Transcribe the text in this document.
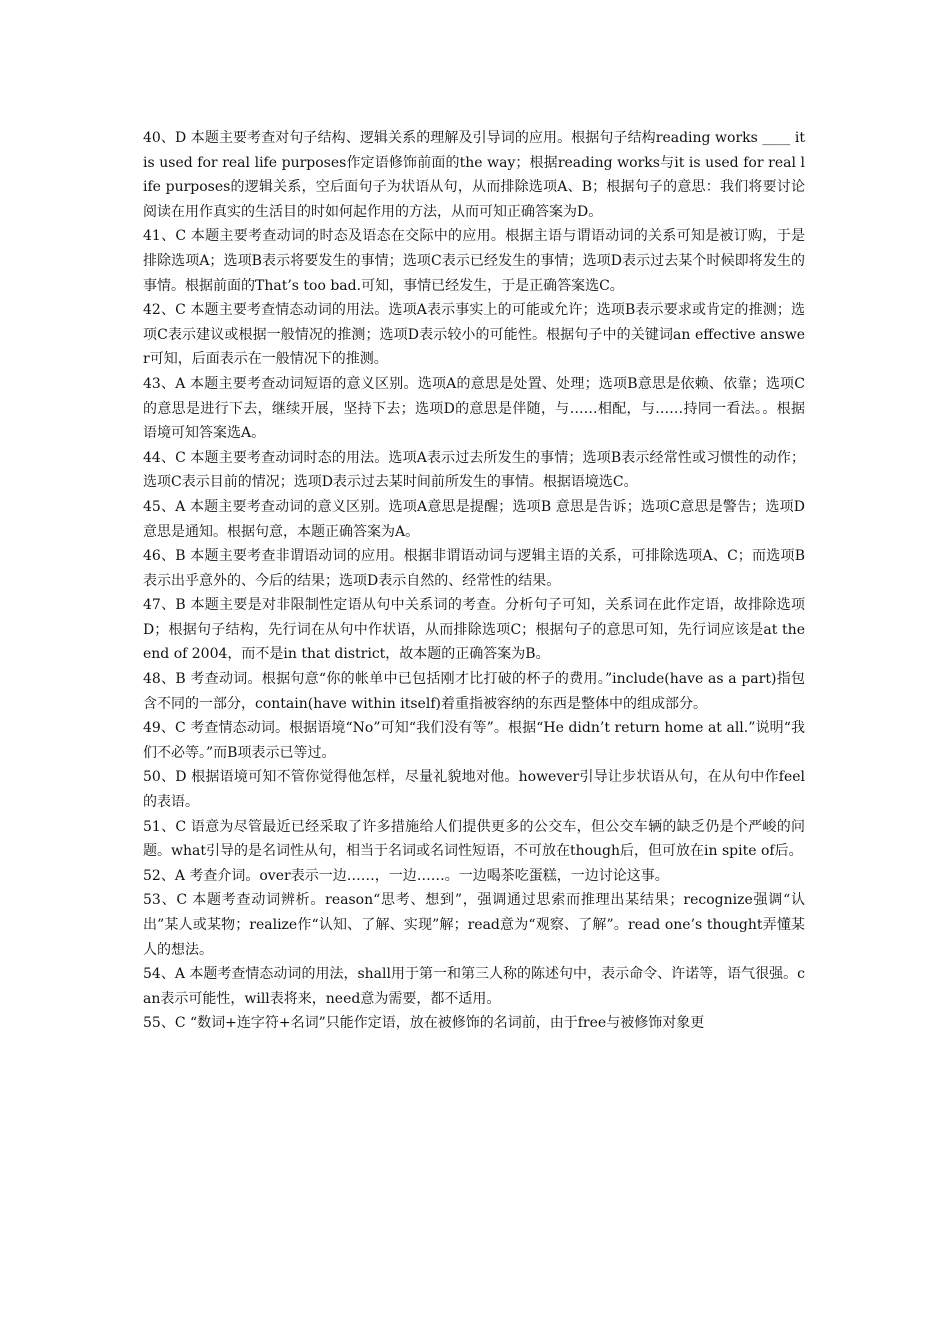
40、D 本题主要考查对句子结构、逻辑关系的理解及引导词的应用。根据句子结构reading works ____ it is used for real life purposes作定语修饰前面的the way；根据reading works与it is used for real life purposes的逻辑关系，空后面句子为状语从句，从而排除选项A、B；根据句子的意思：我们将要讨论阅读在用作真实的生活目的时如何起作用的方法，从而可知正确答案为D。

41、C 本题主要考查动词的时态及语态在交际中的应用。根据主语与谓语动词的关系可知是被订购，于是排除选项A；选项B表示将要发生的事情；选项C表示已经发生的事情；选项D表示过去某个时候即将发生的事情。根据前面的That’s too bad.可知，事情已经发生，于是正确答案选C。

42、C 本题主要考查情态动词的用法。选项A表示事实上的可能或允许；选项B表示要求或肯定的推测；选项C表示建议或根据一般情况的推测；选项D表示较小的可能性。根据句子中的关键词an effective answer可知，后面表示在一般情况下的推测。

43、A 本题主要考查动词短语的意义区别。选项A的意思是处置、处理；选项B意思是依赖、依靠；选项C的意思是进行下去，继续开展，坚持下去；选项D的意思是伴随，与……相配，与……持同一看法。。根据语境可知答案选A。

44、C 本题主要考查动词时态的用法。选项A表示过去所发生的事情；选项B表示经常性或习惯性的动作；选项C表示目前的情况；选项D表示过去某时间前所发生的事情。根据语境选C。

45、A 本题主要考查动词的意义区别。选项A意思是提醒；选项B 意思是告诉；选项C意思是警告；选项D意思是通知。根据句意，本题正确答案为A。

46、B 本题主要考查非谓语动词的应用。根据非谓语动词与逻辑主语的关系，可排除选项A、C；而选项B表示出乎意外的、今后的结果；选项D表示自然的、经常性的结果。

47、B 本题主要是对非限制性定语从句中关系词的考查。分析句子可知，关系词在此作定语，故排除选项D；根据句子结构，先行词在从句中作状语，从而排除选项C；根据句子的意思可知，先行词应该是at the end of 2004，而不是in that district，故本题的正确答案为B。

48、B 考查动词。根据句意“你的帐单中已包括刚才比打破的杯子的费用。”include(have as a part)指包含不同的一部分，contain(have within itself)着重指被容纳的东西是整体中的组成部分。

49、C 考查情态动词。根据语境“No”可知“我们没有等”。根据“He didn’t return home at all.”说明“我们不必等。”而B项表示已等过。

50、D 根据语境可知不管你觉得他怎样，尽量礼貌地对他。however引导让步状语从句，在从句中作feel的表语。

51、C 语意为尽管最近已经采取了许多措施给人们提供更多的公交车，但公交车辆的缺乏仍是个严峻的问题。what引导的是名词性从句，相当于名词或名词性短语，不可放在though后，但可放在in spite of后。

52、A 考查介词。over表示一边……，一边……。一边喝茶吃蛋糕，一边讨论这事。

53、C 本题考查动词辨析。reason“思考、想到”，强调通过思索而推理出某结果；recognize强调“认出”某人或某物；realize作“认知、了解、实现”解；read意为“观察、了解”。read one’s thought弄懂某人的想法。

54、A 本题考查情态动词的用法，shall用于第一和第三人称的陈述句中，表示命令、许诺等，语气很强。can表示可能性，will表将来，need意为需要，都不适用。

55、C “数词+连字符+名词”只能作定语，放在被修饰的名词前，由于free与被修饰对象更
